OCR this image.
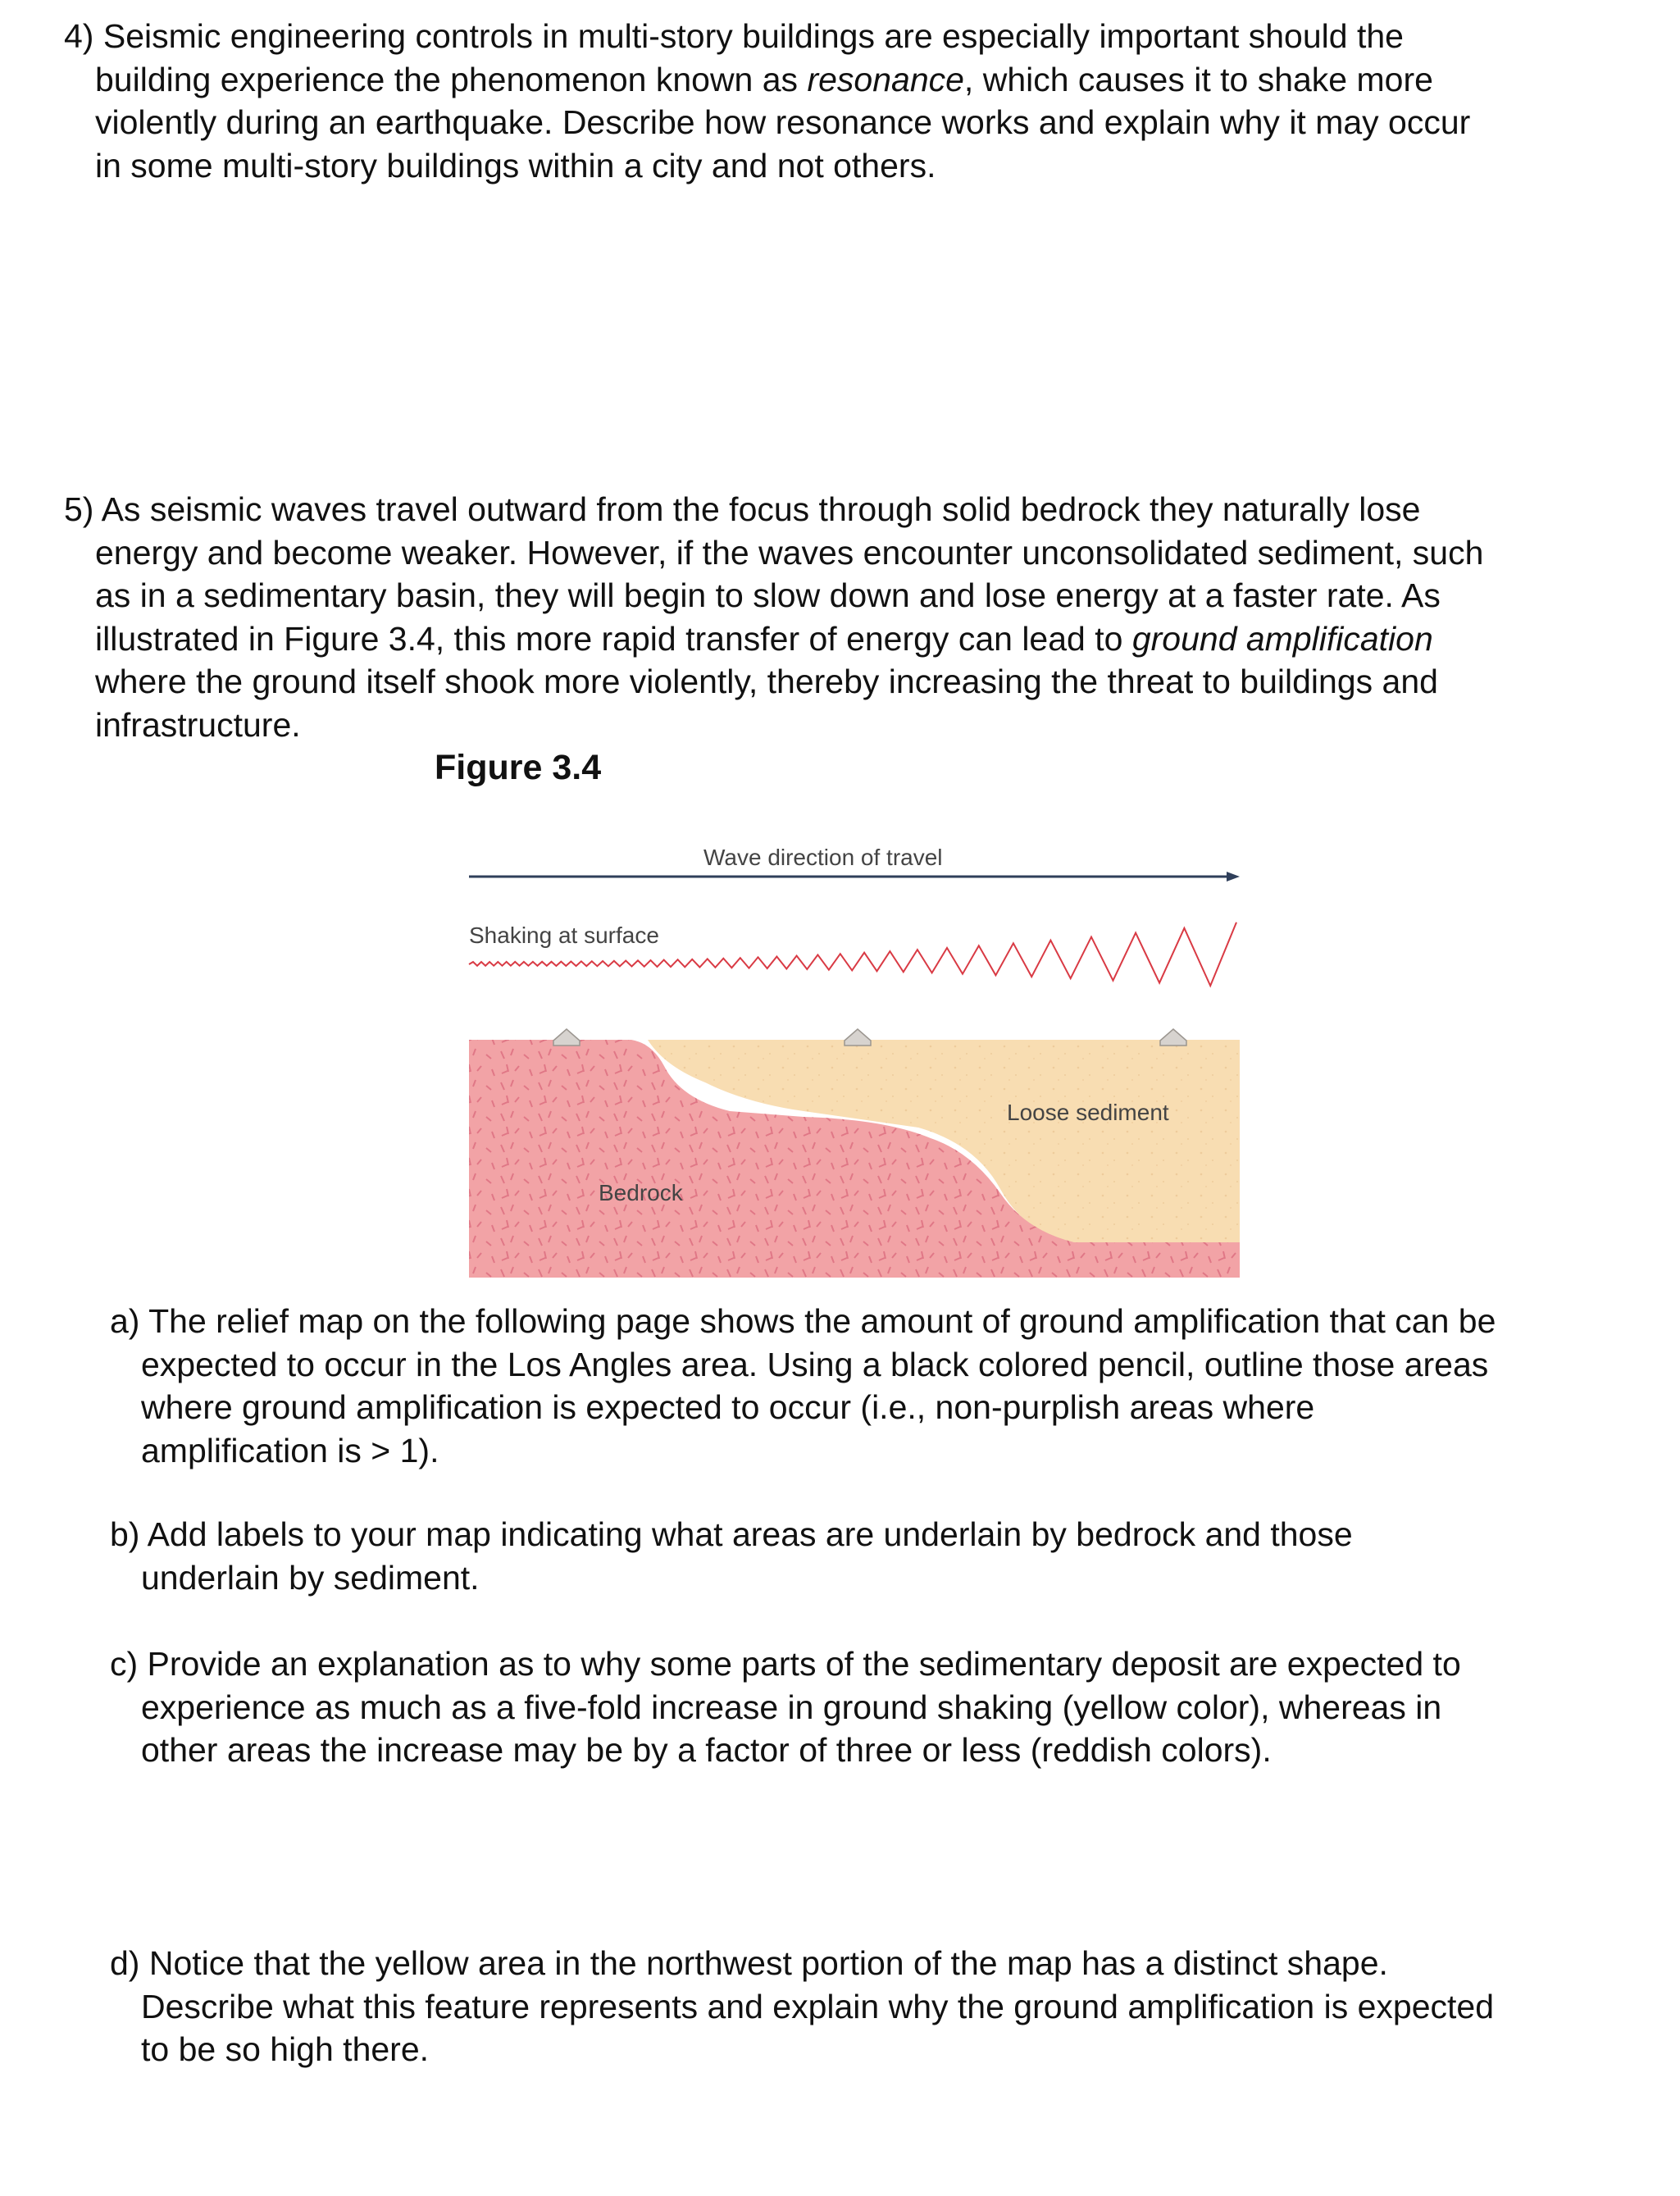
4) Seismic engineering controls in multi-story buildings are especially important should the
building experience the phenomenon known as resonance, which causes it to shake more
violently during an earthquake. Describe how resonance works and explain why it may occur
in some multi-story buildings within a city and not others.
5) As seismic waves travel outward from the focus through solid bedrock they naturally lose
energy and become weaker. However, if the waves encounter unconsolidated sediment, such
as in a sedimentary basin, they will begin to slow down and lose energy at a faster rate. As
illustrated in Figure 3.4, this more rapid transfer of energy can lead to ground amplification
where the ground itself shook more violently, thereby increasing the threat to buildings and
infrastructure.

Figure 3.4

Wave direction of travel
Shaking at surface
Loose sediment
Bedrock
a) The relief map on the following page shows the amount of ground amplification that can be
expected to occur in the Los Angles area. Using a black colored pencil, outline those areas
where ground amplification is expected to occur (i.e., non-purplish areas where
amplification is > 1).
b) Add labels to your map indicating what areas are underlain by bedrock and those
underlain by sediment.
c) Provide an explanation as to why some parts of the sedimentary deposit are expected to
experience as much as a five-fold increase in ground shaking (yellow color), whereas in
other areas the increase may be by a factor of three or less (reddish colors).
d) Notice that the yellow area in the northwest portion of the map has a distinct shape.
Describe what this feature represents and explain why the ground amplification is expected
to be so high there.
